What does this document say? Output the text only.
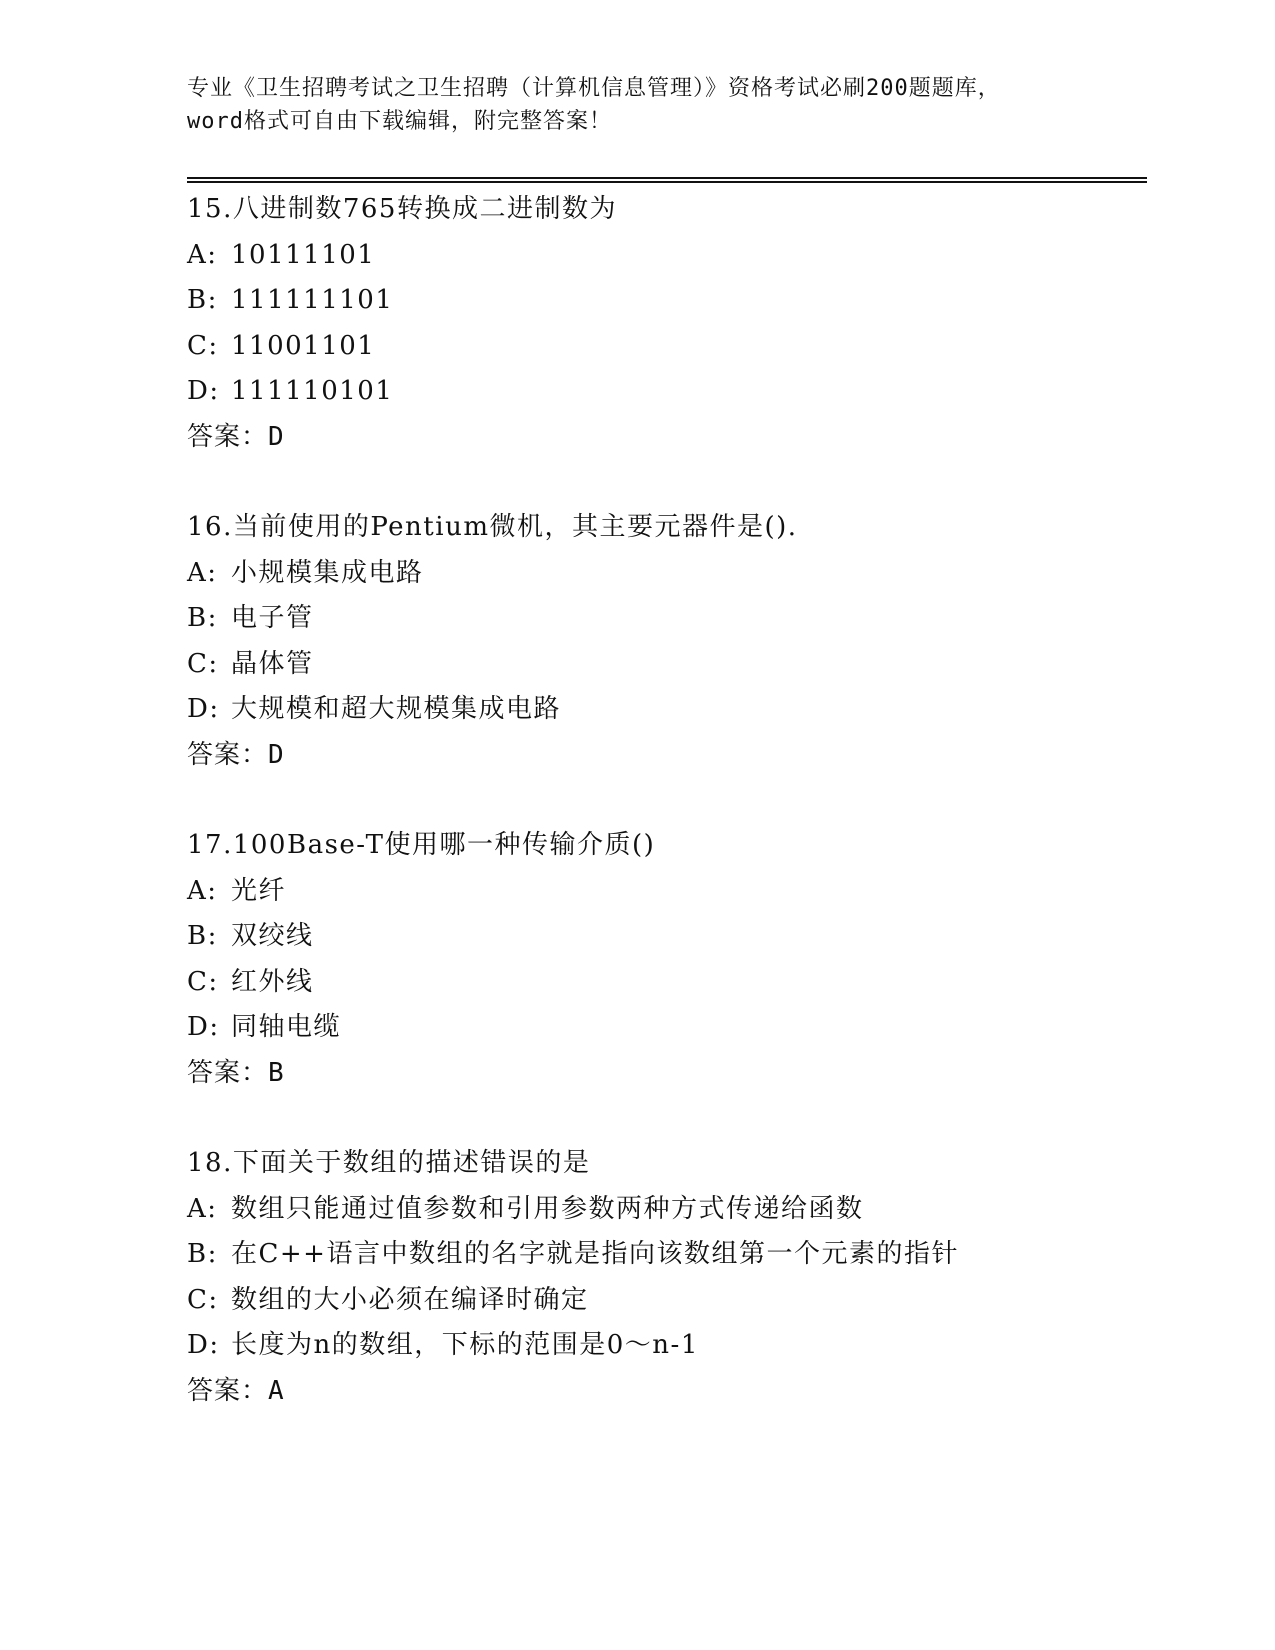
专业《卫生招聘考试之卫生招聘（计算机信息管理）》资格考试必刷200题题库，
word格式可自由下载编辑，附完整答案！
15.八进制数765转换成二进制数为
A: 10111101
B: 111111101
C: 11001101
D: 111110101
答案：D
16.当前使用的Pentium微机，其主要元器件是().
A: 小规模集成电路
B: 电子管
C: 晶体管
D: 大规模和超大规模集成电路
答案：D
17.100Base-T使用哪一种传输介质()
A: 光纤
B: 双绞线
C: 红外线
D: 同轴电缆
答案：B
18.下面关于数组的描述错误的是
A: 数组只能通过值参数和引用参数两种方式传递给函数
B: 在C++语言中数组的名字就是指向该数组第一个元素的指针
C: 数组的大小必须在编译时确定
D: 长度为n的数组，下标的范围是0～n-1
答案：A
